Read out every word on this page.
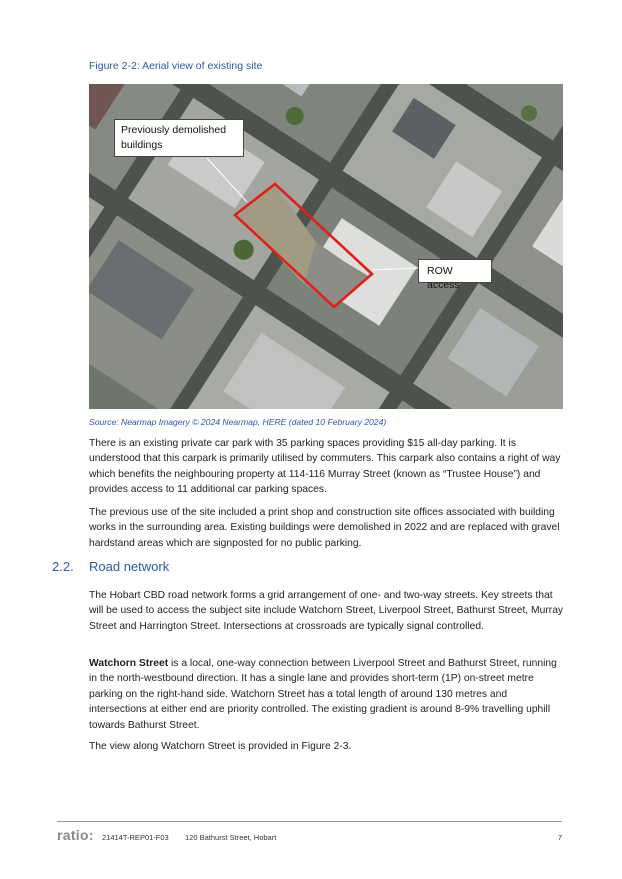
Figure 2-2: Aerial view of existing site
Previously demolished
buildings
ROW access
Source: Nearmap Imagery © 2024 Nearmap, HERE (dated 10 February 2024)

There is an existing private car park with 35 parking spaces providing $15 all-day parking. It is understood that this carpark is primarily utilised by commuters. This carpark also contains a right of way which benefits the neighbouring property at 114-116 Murray Street (known as “Trustee House”) and provides access to 11 additional car parking spaces.

The previous use of the site included a print shop and construction site offices associated with building works in the surrounding area. Existing buildings were demolished in 2022 and are replaced with gravel hardstand areas which are signposted for no public parking.

2.2. Road network

The Hobart CBD road network forms a grid arrangement of one- and two-way streets. Key streets that will be used to access the subject site include Watchorn Street, Liverpool Street, Bathurst Street, Murray Street and Harrington Street. Intersections at crossroads are typically signal controlled.

Watchorn Street is a local, one-way connection between Liverpool Street and Bathurst Street, running in the north-westbound direction. It has a single lane and provides short-term (1P) on-street metre parking on the right-hand side. Watchorn Street has a total length of around 130 metres and intersections at either end are priority controlled. The existing gradient is around 8-9% travelling uphill towards Bathurst Street.

The view along Watchorn Street is provided in Figure 2-3.

ratio: 21414T-REP01-F03 120 Bathurst Street, Hobart	7
